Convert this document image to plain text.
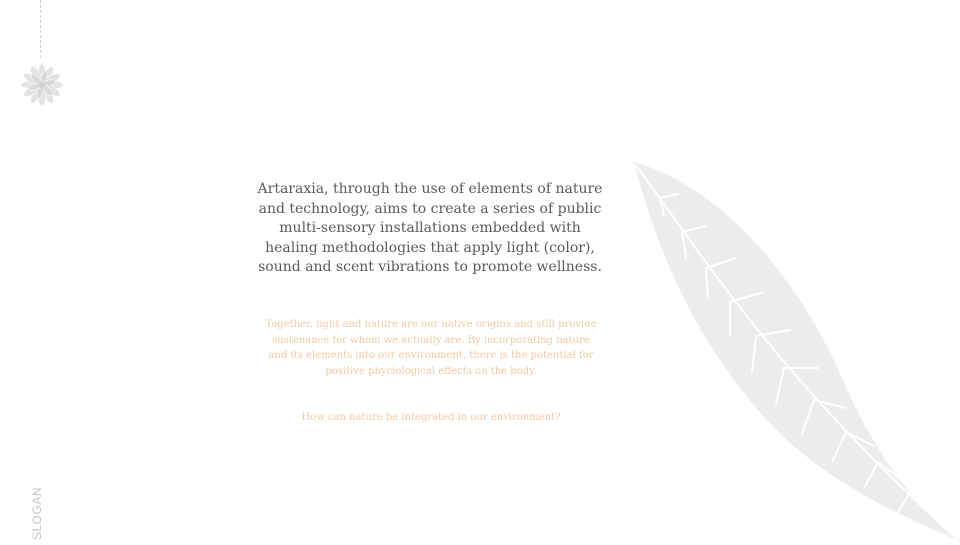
Artaraxia, through the use of elements of nature and technology, aims to create a series of public multi-sensory installations embedded with healing methodologies that apply light (color), sound and scent vibrations to promote wellness.

Together, light and nature are our native origins and still provide sustenance for whom we actually are. By incorporating nature and its elements into our environment, there is the potential for positive phyciological effects on the body.

How can nature be integrated in our environment?

SLOGAN
